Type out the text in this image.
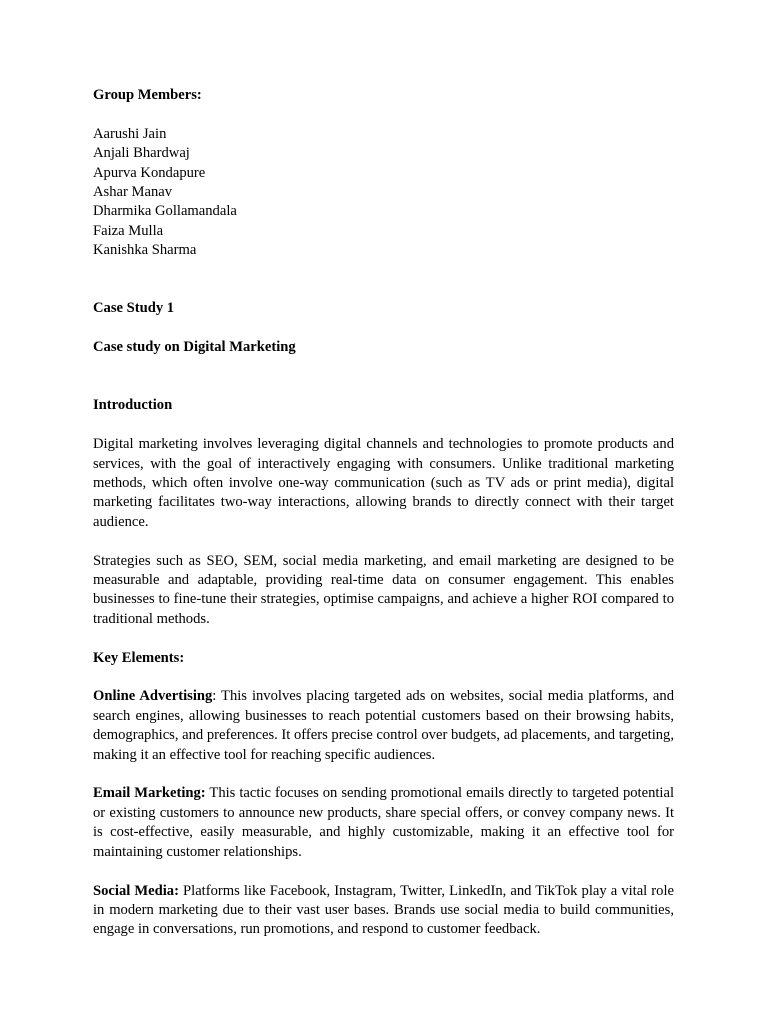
Group Members:

Aarushi Jain
Anjali Bhardwaj
Apurva Kondapure
Ashar Manav
Dharmika Gollamandala
Faiza Mulla
Kanishka Sharma

Case Study 1

Case study on Digital Marketing

Introduction

Digital marketing involves leveraging digital channels and technologies to promote products and services, with the goal of interactively engaging with consumers. Unlike traditional marketing methods, which often involve one-way communication (such as TV ads or print media), digital marketing facilitates two-way interactions, allowing brands to directly connect with their target audience.

Strategies such as SEO, SEM, social media marketing, and email marketing are designed to be measurable and adaptable, providing real-time data on consumer engagement. This enables businesses to fine-tune their strategies, optimise campaigns, and achieve a higher ROI compared to traditional methods.

Key Elements:

Online Advertising: This involves placing targeted ads on websites, social media platforms, and search engines, allowing businesses to reach potential customers based on their browsing habits, demographics, and preferences. It offers precise control over budgets, ad placements, and targeting, making it an effective tool for reaching specific audiences.

Email Marketing: This tactic focuses on sending promotional emails directly to targeted potential or existing customers to announce new products, share special offers, or convey company news. It is cost-effective, easily measurable, and highly customizable, making it an effective tool for maintaining customer relationships.

Social Media: Platforms like Facebook, Instagram, Twitter, LinkedIn, and TikTok play a vital role in modern marketing due to their vast user bases. Brands use social media to build communities, engage in conversations, run promotions, and respond to customer feedback.
